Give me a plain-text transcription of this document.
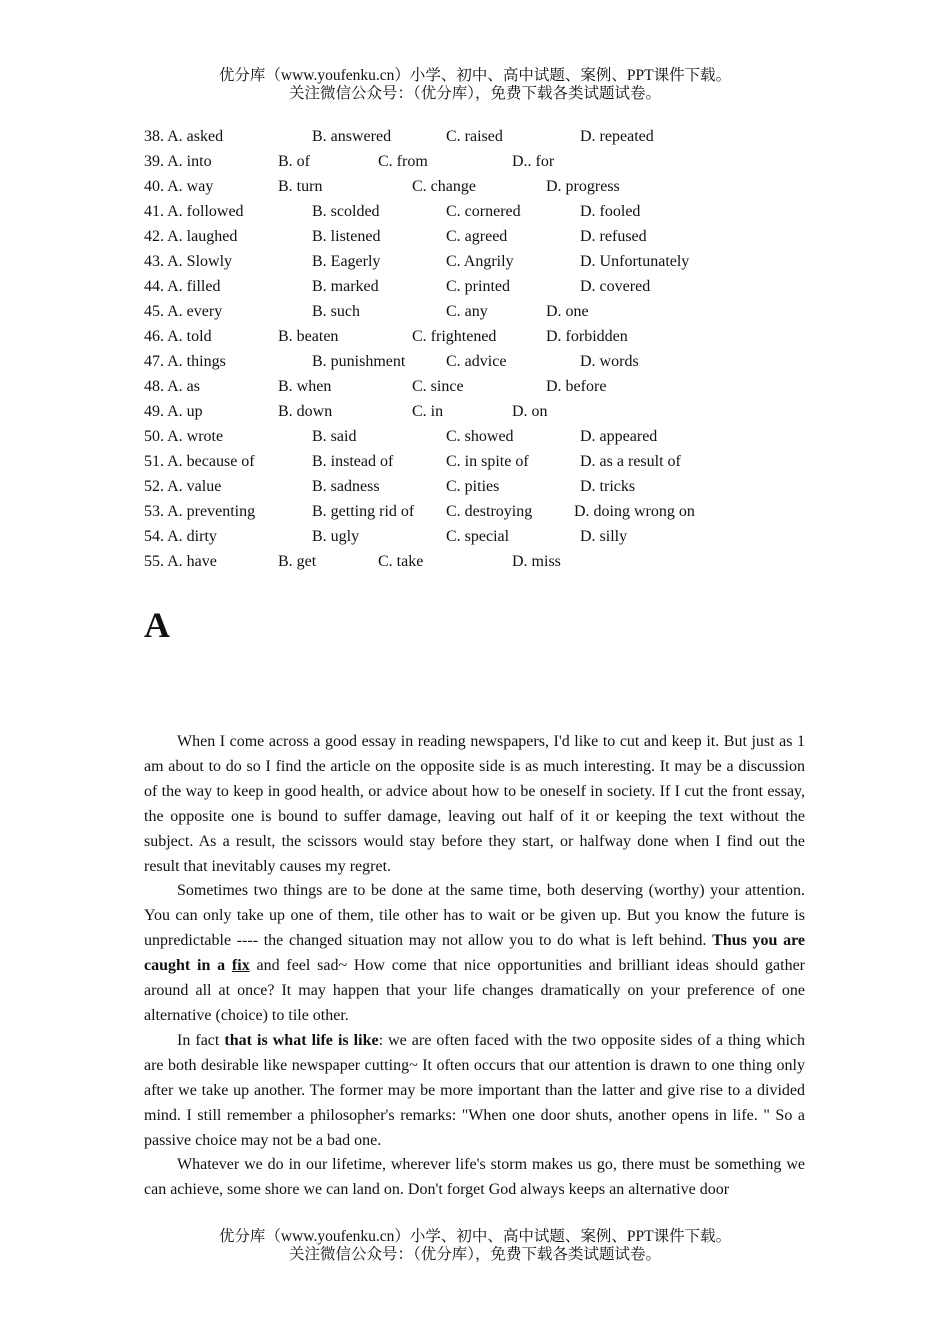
优分库（www.youfenku.cn）小学、初中、高中试题、案例、PPT课件下载。
关注微信公众号：（优分库），免费下载各类试题试卷。
38. A. asked	B. answered	C. raised	D. repeated
39. A. into	B. of	C. from	D.. for
40. A. way	B. turn	C. change	D. progress
41. A. followed	B. scolded	C. cornered	D. fooled
42. A. laughed	B. listened	C. agreed	D. refused
43. A. Slowly	B. Eagerly	C. Angrily	D. Unfortunately
44. A. filled	B. marked	C. printed	D. covered
45. A. every	B. such	C. any	D. one
46. A. told	B. beaten	C. frightened	D. forbidden
47. A. things	B. punishment	C. advice	D. words
48. A. as	B. when	C. since	D. before
49. A. up	B. down	C. in	D. on
50. A. wrote	B. said	C. showed	D. appeared
51. A. because of	B. instead of	C. in spite of	D. as a result of
52. A. value	B. sadness	C. pities	D. tricks
53. A. preventing	B. getting rid of C. destroying	D. doing wrong on
54. A. dirty	B. ugly	C. special	D. silly
55. A. have	B. get	C. take	D. miss
A

When I come across a good essay in reading newspapers, I'd like to cut and keep it. But just as 1 am about to do so I find the article on the opposite side is as much interesting. It may be a discussion of the way to keep in good health, or advice about how to be oneself in society. If I cut the front essay, the opposite one is bound to suffer damage, leaving out half of it or keeping the text without the subject. As a result, the scissors would stay before they start, or halfway done when I find out the result that inevitably causes my regret.

Sometimes two things are to be done at the same time, both deserving (worthy) your attention. You can only take up one of them, tile other has to wait or be given up. But you know the future is unpredictable ---- the changed situation may not allow you to do what is left behind. Thus you are caught in a fix and feel sad~ How come that nice opportunities and brilliant ideas should gather around all at once? It may happen that your life changes dramatically on your preference of one alternative (choice) to tile other.

In fact that is what life is like: we are often faced with the two opposite sides of a thing which are both desirable like newspaper cutting~ It often occurs that our attention is drawn to one thing only after we take up another. The former may be more important than the latter and give rise to a divided mind. I still remember a philosopher's remarks: "When one door shuts, another opens in life. " So a passive choice may not be a bad one.

Whatever we do in our lifetime, wherever life's storm makes us go, there must be something we can achieve, some shore we can land on. Don't forget God always keeps an alternative door

优分库（www.youfenku.cn）小学、初中、高中试题、案例、PPT课件下载。
关注微信公众号：（优分库），免费下载各类试题试卷。
